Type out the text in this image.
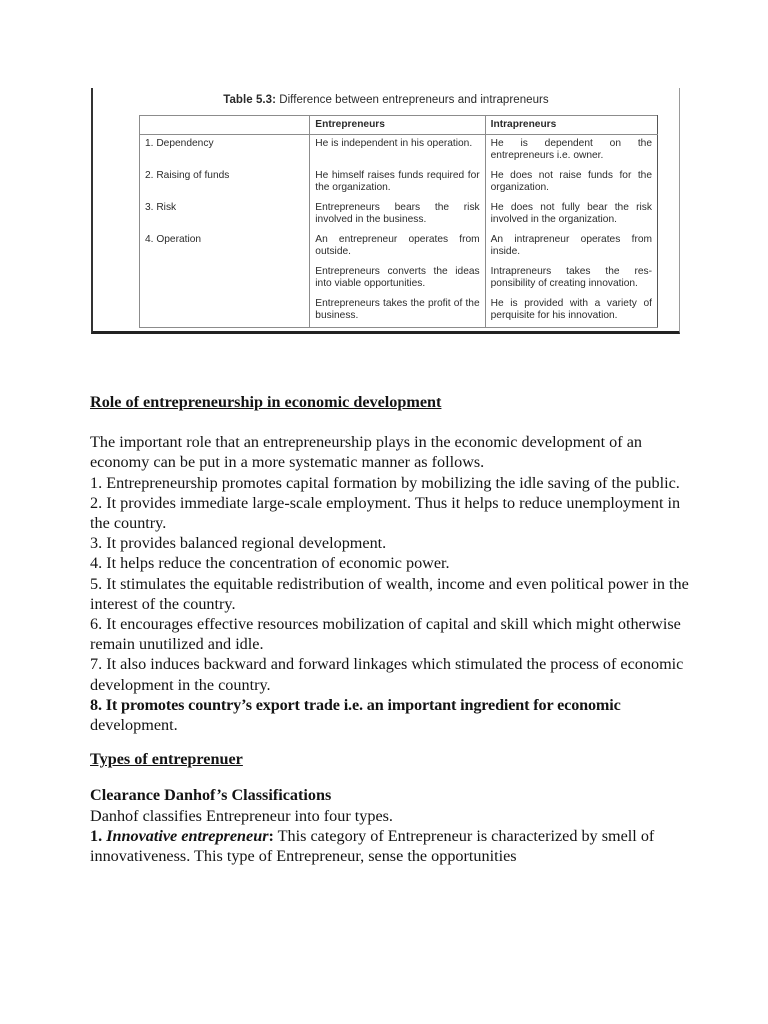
Table 5.3: Difference between entrepreneurs and intrapreneurs
	Entrepreneurs	Intrapreneurs
1. Dependency	He is independent in his operation.	He is dependent on the entrepreneurs i.e. owner.
2. Raising of funds	He himself raises funds required for the organization.	He does not raise funds for the organization.
3. Risk	Entrepreneurs bears the risk involved in the business.	He does not fully bear the risk involved in the organization.
4. Operation	An entrepreneur operates from outside.	An intrapreneur operates from inside.
	Entrepreneurs converts the ideas into viable opportunities.	Intrapreneurs takes the res-ponsibility of creating innovation.
	Entrepreneurs takes the profit of the business.	He is provided with a variety of perquisite for his innovation.

Role of entrepreneurship in economic development

The important role that an entrepreneurship plays in the economic development of an economy can be put in a more systematic manner as follows.

1. Entrepreneurship promotes capital formation by mobilizing the idle saving of the public.

2. It provides immediate large-scale employment. Thus it helps to reduce unemployment in the country.

3. It provides balanced regional development.

4. It helps reduce the concentration of economic power.

5. It stimulates the equitable redistribution of wealth, income and even political power in the interest of the country.

6. It encourages effective resources mobilization of capital and skill which might otherwise remain unutilized and idle.

7. It also induces backward and forward linkages which stimulated the process of economic development in the country.

8. It promotes country’s export trade i.e. an important ingredient for economic
development.

Types of entreprenuer

Clearance Danhof’s Classifications

Danhof classifies Entrepreneur into four types.

1. Innovative entrepreneur: This category of Entrepreneur is characterized by smell of innovativeness. This type of Entrepreneur, sense the opportunities
